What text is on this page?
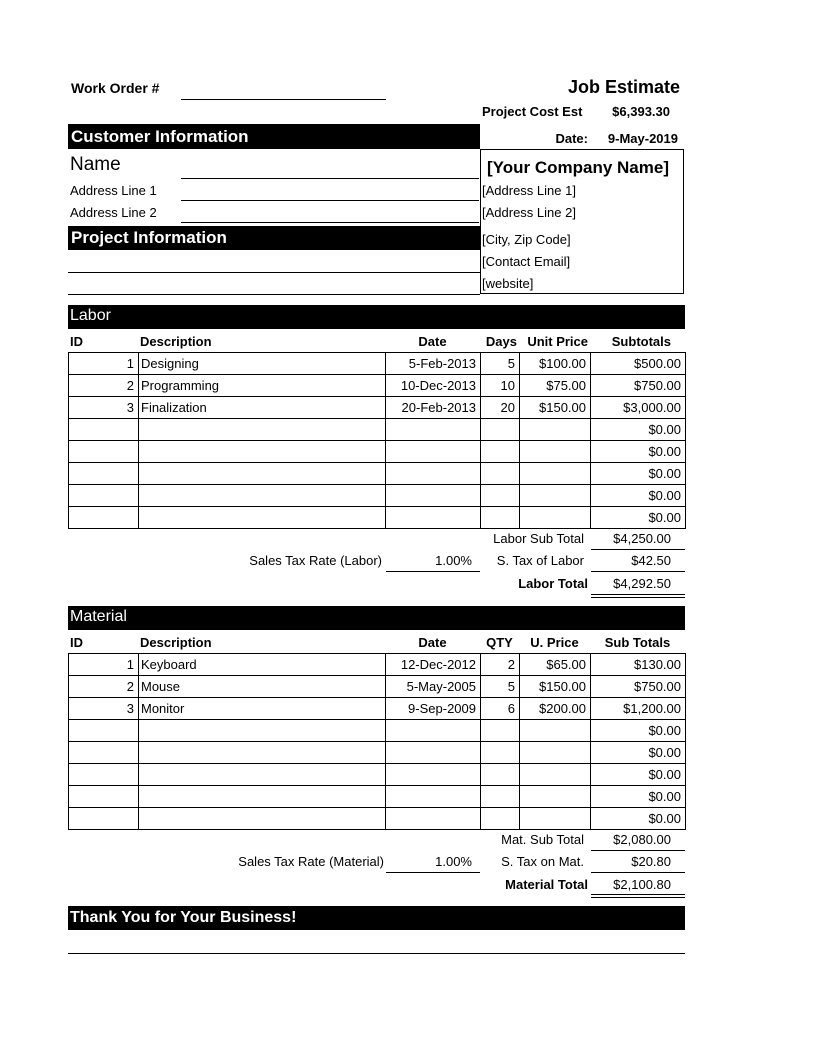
Work Order #	Job Estimate
Project Cost Est	$6,393.30
Date:	9-May-2019
Customer Information
Name
Address Line 1
Address Line 2
Project Information
[Your Company Name]
[Address Line 1]
[Address Line 2]
[City, Zip Code]
[Contact Email]
[website]
Labor
ID	Description	Date	Days	Unit Price	Subtotals
1	Designing	5-Feb-2013	5	$100.00	$500.00
2	Programming	10-Dec-2013	10	$75.00	$750.00
3	Finalization	20-Feb-2013	20	$150.00	$3,000.00
					$0.00
					$0.00
					$0.00
					$0.00
					$0.00
Labor Sub Total	$4,250.00
Sales Tax Rate (Labor)	1.00%	S. Tax of Labor	$42.50
Labor Total	$4,292.50
Material
ID	Description	Date	QTY	U. Price	Sub Totals
1	Keyboard	12-Dec-2012	2	$65.00	$130.00
2	Mouse	5-May-2005	5	$150.00	$750.00
3	Monitor	9-Sep-2009	6	$200.00	$1,200.00
					$0.00
					$0.00
					$0.00
					$0.00
					$0.00
Mat. Sub Total	$2,080.00
Sales Tax Rate (Material)	1.00%	S. Tax on Mat.	$20.80
Material Total	$2,100.80
Thank You for Your Business!
